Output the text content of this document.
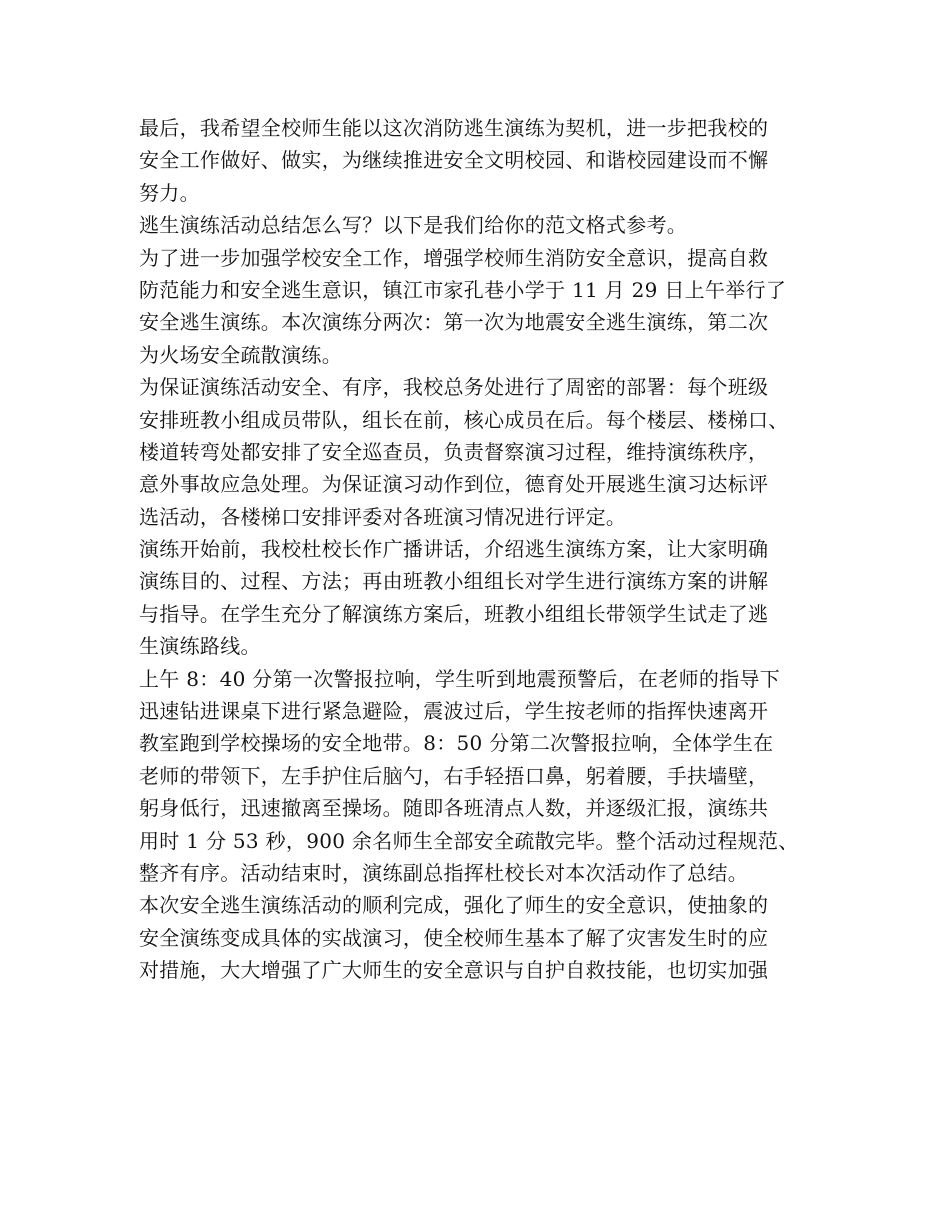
最后，我希望全校师生能以这次消防逃生演练为契机，进一步把我校的
安全工作做好、做实，为继续推进安全文明校园、和谐校园建设而不懈
努力。
逃生演练活动总结怎么写？以下是我们给你的范文格式参考。
为了进一步加强学校安全工作，增强学校师生消防安全意识，提高自救
防范能力和安全逃生意识，镇江市家孔巷小学于 11 月 29 日上午举行了
安全逃生演练。本次演练分两次：第一次为地震安全逃生演练，第二次
为火场安全疏散演练。
为保证演练活动安全、有序，我校总务处进行了周密的部署：每个班级
安排班教小组成员带队，组长在前，核心成员在后。每个楼层、楼梯口、
楼道转弯处都安排了安全巡查员，负责督察演习过程，维持演练秩序，
意外事故应急处理。为保证演习动作到位，德育处开展逃生演习达标评
选活动，各楼梯口安排评委对各班演习情况进行评定。
演练开始前，我校杜校长作广播讲话，介绍逃生演练方案，让大家明确
演练目的、过程、方法；再由班教小组组长对学生进行演练方案的讲解
与指导。在学生充分了解演练方案后，班教小组组长带领学生试走了逃
生演练路线。
上午 8：40 分第一次警报拉响，学生听到地震预警后，在老师的指导下
迅速钻进课桌下进行紧急避险，震波过后，学生按老师的指挥快速离开
教室跑到学校操场的安全地带。8：50 分第二次警报拉响，全体学生在
老师的带领下，左手护住后脑勺，右手轻捂口鼻，躬着腰，手扶墙壁，
躬身低行，迅速撤离至操场。随即各班清点人数，并逐级汇报，演练共
用时 1 分 53 秒，900 余名师生全部安全疏散完毕。整个活动过程规范、
整齐有序。活动结束时，演练副总指挥杜校长对本次活动作了总结。
本次安全逃生演练活动的顺利完成，强化了师生的安全意识，使抽象的
安全演练变成具体的实战演习，使全校师生基本了解了灾害发生时的应
对措施，大大增强了广大师生的安全意识与自护自救技能，也切实加强
